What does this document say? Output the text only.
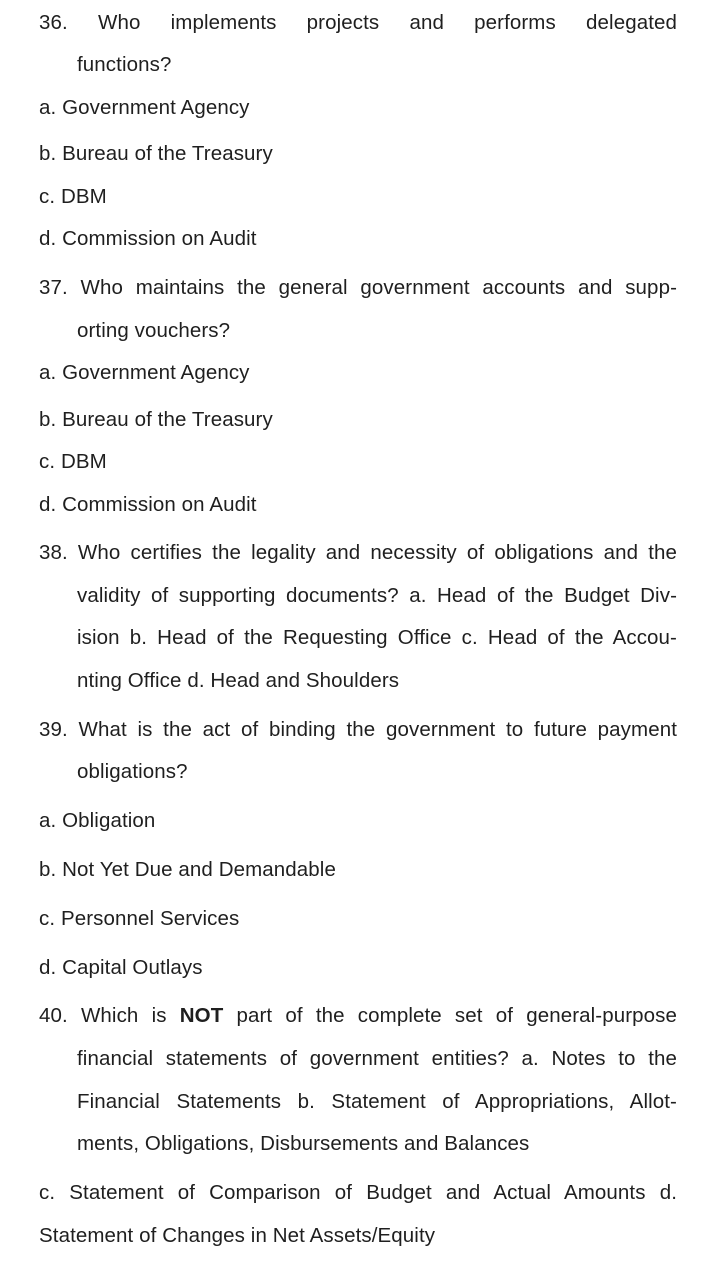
36. Who implements projects and performs delegated
functions?
a. Government Agency
b. Bureau of the Treasury
c. DBM
d. Commission on Audit
37. Who maintains the general government accounts and supp-
orting vouchers?
a. Government Agency
b. Bureau of the Treasury
c. DBM
d. Commission on Audit
38. Who certifies the legality and necessity of obligations and the
validity of supporting documents? a. Head of the Budget Div-
ision b. Head of the Requesting Office c. Head of the Accou-
nting Office d. Head and Shoulders
39. What is the act of binding the government to future payment
obligations?
a. Obligation
b. Not Yet Due and Demandable
c. Personnel Services
d. Capital Outlays
40. Which is NOT part of the complete set of general-purpose
financial statements of government entities? a. Notes to the
Financial Statements b. Statement of Appropriations, Allot-
ments, Obligations, Disbursements and Balances
c. Statement of Comparison of Budget and Actual Amounts d.
Statement of Changes in Net Assets/Equity
